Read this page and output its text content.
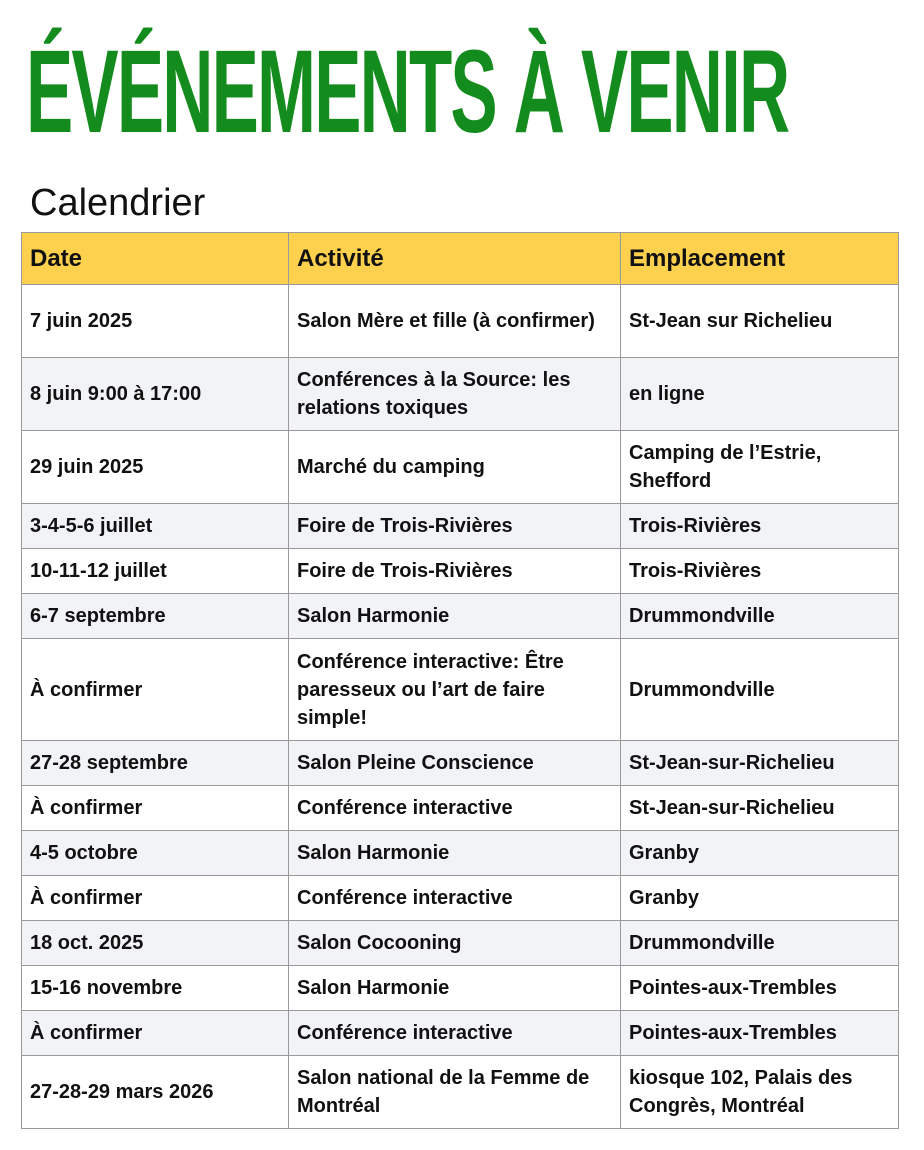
ÉVÉNEMENTS À VENIR
Calendrier
Date	Activité	Emplacement
7 juin 2025	Salon Mère et fille (à confirmer)	St-Jean sur Richelieu
8 juin 9:00 à 17:00	Conférences à la Source: les relations toxiques	en ligne
29 juin 2025	Marché du camping	Camping de l’Estrie, Shefford
3-4-5-6 juillet	Foire de Trois-Rivières	Trois-Rivières
10-11-12 juillet	Foire de Trois-Rivières	Trois-Rivières
6-7 septembre	Salon Harmonie	Drummondville
À confirmer	Conférence interactive: Être paresseux ou l’art de faire simple!	Drummondville
27-28 septembre	Salon Pleine Conscience	St-Jean-sur-Richelieu
À confirmer	Conférence interactive	St-Jean-sur-Richelieu
4-5 octobre	Salon Harmonie	Granby
À confirmer	Conférence interactive	Granby
18 oct. 2025	Salon Cocooning	Drummondville
15-16 novembre	Salon Harmonie	Pointes-aux-Trembles
À confirmer	Conférence interactive	Pointes-aux-Trembles
27-28-29 mars 2026	Salon national de la Femme de Montréal	kiosque 102, Palais des Congrès, Montréal
